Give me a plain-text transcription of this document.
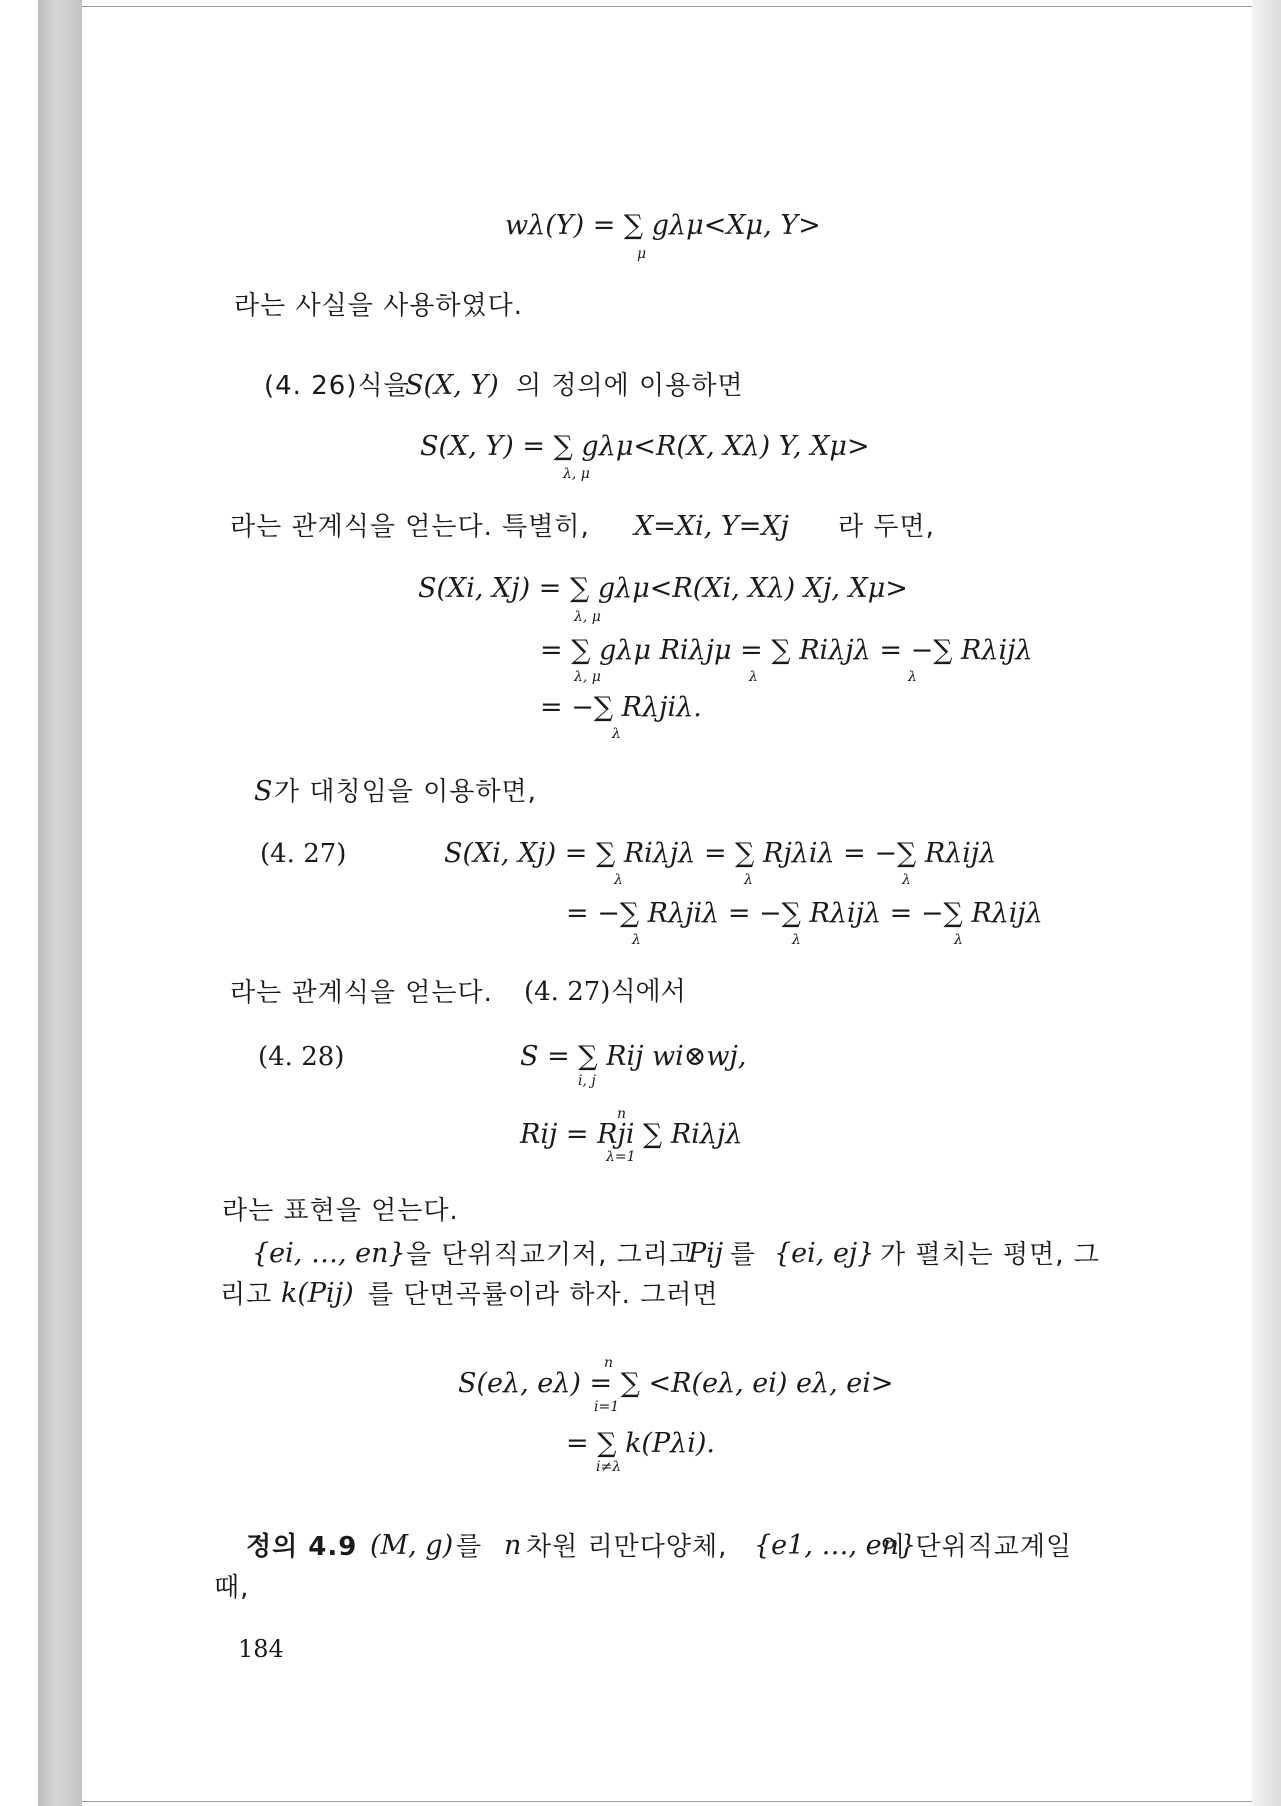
wλ(Y) = ∑ gλμ<Xμ, Y>
μ
라는 사실을 사용하였다.
(4. 26)식을
S(X, Y) 의 정의에 이용하면
S(X, Y) = ∑ gλμ<R(X, Xλ) Y, Xμ>
λ, μ
라는 관계식을 얻는다. 특별히, X=Xi, Y=Xj 라 두면,
S(Xi, Xj) = ∑ gλμ<R(Xi, Xλ) Xj, Xμ>
λ, μ
= ∑ gλμ Riλjμ = ∑ Riλjλ = −∑ Rλijλ
λ, μ	λ	λ
= −∑ Rλjiλ.
λ
S 가 대칭임을 이용하면,
(4. 27)	S(Xi, Xj) = ∑ Riλjλ = ∑ Rjλiλ = −∑ Rλijλ
λ	λ	λ
= −∑ Rλjiλ = −∑ Rλijλ = −∑ Rλijλ
λ	λ	λ
라는 관계식을 얻는다. (4. 27)식에서
(4. 28)	S = ∑ Rij wi⊗wj,
i, j
n
Rij = Rji ∑ Riλjλ
λ=1
라는 표현을 얻는다.
{ei, …, en} 을 단위직교기저, 그리고
Pij 를 {ei, ej} 가 펼치는 평면, 그
리고 k(Pij) 를 단면곡률이라 하자. 그러면
n
S(eλ, eλ) = ∑ <R(eλ, ei) eλ, ei>
i=1
= ∑ k(Pλi).
i≠λ
정의 4.9 (M, g) 를 n 차원 리만다양체, {e1, …, en}
이 단위직교계일
때,
184
